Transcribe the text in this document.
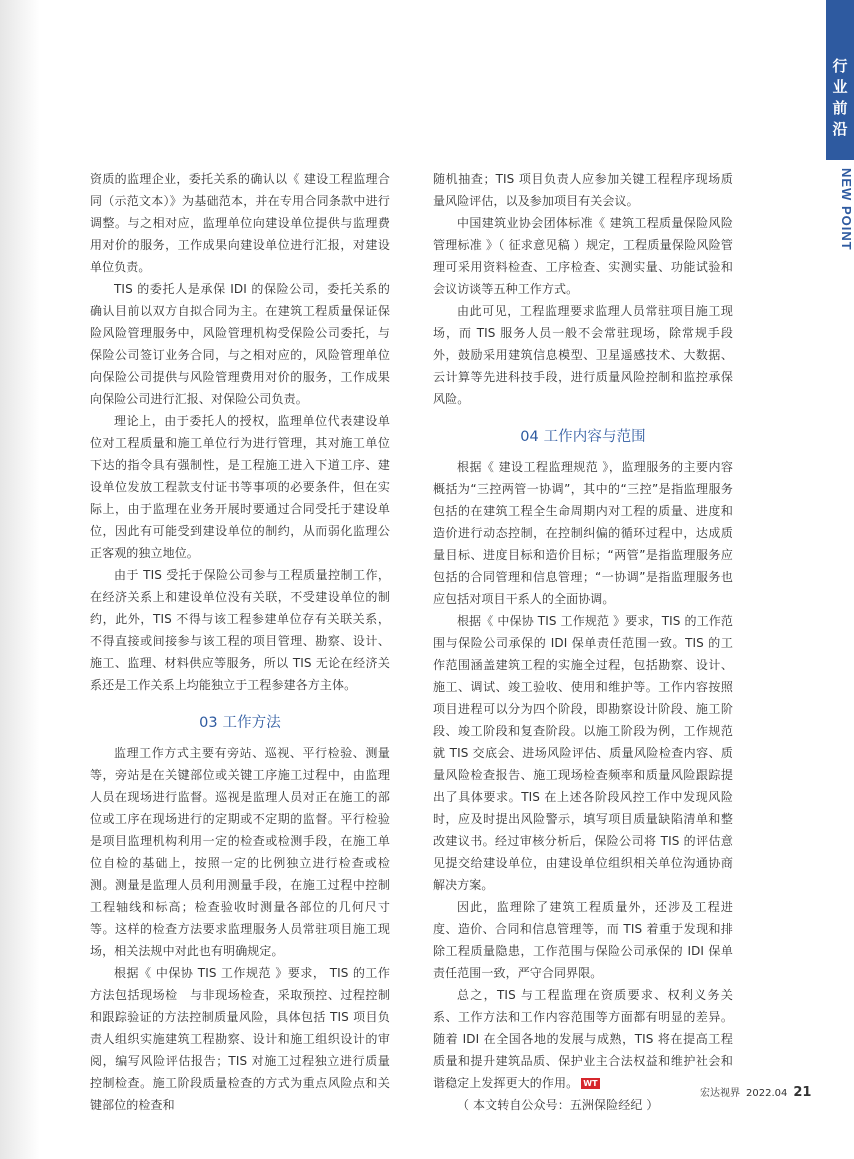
行
业
前
沿
NEW POINT

资质的监理企业，委托关系的确认以《 建设工程监理合同（示范文本）》为基础范本，并在专用合同条款中进行调整。与之相对应，监理单位向建设单位提供与监理费用对价的服务，工作成果向建设单位进行汇报，对建设单位负责。

TIS 的委托人是承保 IDI 的保险公司，委托关系的确认目前以双方自拟合同为主。在建筑工程质量保证保险风险管理服务中，风险管理机构受保险公司委托，与保险公司签订业务合同，与之相对应的，风险管理单位向保险公司提供与风险管理费用对价的服务，工作成果向保险公司进行汇报、对保险公司负责。

理论上，由于委托人的授权，监理单位代表建设单位对工程质量和施工单位行为进行管理，其对施工单位下达的指令具有强制性，是工程施工进入下道工序、建设单位发放工程款支付证书等事项的必要条件，但在实际上，由于监理在业务开展时要通过合同受托于建设单位，因此有可能受到建设单位的制约，从而弱化监理公正客观的独立地位。

由于 TIS 受托于保险公司参与工程质量控制工作，在经济关系上和建设单位没有关联，不受建设单位的制约，此外，TIS 不得与该工程参建单位存有关联关系，不得直接或间接参与该工程的项目管理、勘察、设计、施工、监理、材料供应等服务，所以 TIS 无论在经济关系还是工作关系上均能独立于工程参建各方主体。

03 工作方法

监理工作方式主要有旁站、巡视、平行检验、测量等，旁站是在关键部位或关键工序施工过程中，由监理人员在现场进行监督。巡视是监理人员对正在施工的部位或工序在现场进行的定期或不定期的监督。平行检验是项目监理机构利用一定的检查或检测手段，在施工单位自检的基础上，按照一定的比例独立进行检查或检测。测量是监理人员利用测量手段，在施工过程中控制工程轴线和标高；检查验收时测量各部位的几何尺寸等。这样的检查方法要求监理服务人员常驻项目施工现场，相关法规中对此也有明确规定。

根据《 中保协 TIS 工作规范 》要求， TIS 的工作方法包括现场检　与非现场检查，采取预控、过程控制和跟踪验证的方法控制质量风险，具体包括 TIS 项目负责人组织实施建筑工程勘察、设计和施工组织设计的审阅，编写风险评估报告；TIS 对施工过程独立进行质量控制检查。施工阶段质量检查的方式为重点风险点和关键部位的检查和

随机抽查；TIS 项目负责人应参加关键工程程序现场质量风险评估，以及参加项目有关会议。

中国建筑业协会团体标准《 建筑工程质量保险风险管理标准 》（ 征求意见稿 ）规定，工程质量保险风险管理可采用资料检查、工序检查、实测实量、功能试验和会议访谈等五种工作方式。

由此可见，工程监理要求监理人员常驻项目施工现场，而 TIS 服务人员一般不会常驻现场，除常规手段外，鼓励采用建筑信息模型、卫星遥感技术、大数据、云计算等先进科技手段，进行质量风险控制和监控承保风险。

04 工作内容与范围

根据《 建设工程监理规范 》，监理服务的主要内容概括为“三控两管一协调”，其中的“三控”是指监理服务包括的在建筑工程全生命周期内对工程的质量、进度和造价进行动态控制，在控制纠偏的循环过程中，达成质量目标、进度目标和造价目标；“两管”是指监理服务应包括的合同管理和信息管理；“一协调”是指监理服务也应包括对项目干系人的全面协调。

根据《 中保协 TIS 工作规范 》要求，TIS 的工作范围与保险公司承保的 IDI 保单责任范围一致。TIS 的工作范围涵盖建筑工程的实施全过程，包括勘察、设计、施工、调试、竣工验收、使用和维护等。工作内容按照项目进程可以分为四个阶段，即勘察设计阶段、施工阶段、竣工阶段和复查阶段。以施工阶段为例，工作规范就 TIS 交底会、进场风险评估、质量风险检查内容、质量风险检查报告、施工现场检查频率和质量风险跟踪提出了具体要求。TIS 在上述各阶段风控工作中发现风险时，应及时提出风险警示，填写项目质量缺陷清单和整改建议书。经过审核分析后，保险公司将 TIS 的评估意见提交给建设单位，由建设单位组织相关单位沟通协商解决方案。

因此，监理除了建筑工程质量外，还涉及工程进度、造价、合同和信息管理等，而 TIS 着重于发现和排除工程质量隐患，工作范围与保险公司承保的 IDI 保单责任范围一致，严守合同界限。

总之，TIS 与工程监理在资质要求、权利义务关系、工作方法和工作内容范围等方面都有明显的差异。随着 IDI 在全国各地的发展与成熟，TIS 将在提高工程质量和提升建筑品质、保护业主合法权益和维护社会和谐稳定上发挥更大的作用。 WT

（ 本文转自公众号：五洲保险经纪 ）

宏达视界 2022.04 21
